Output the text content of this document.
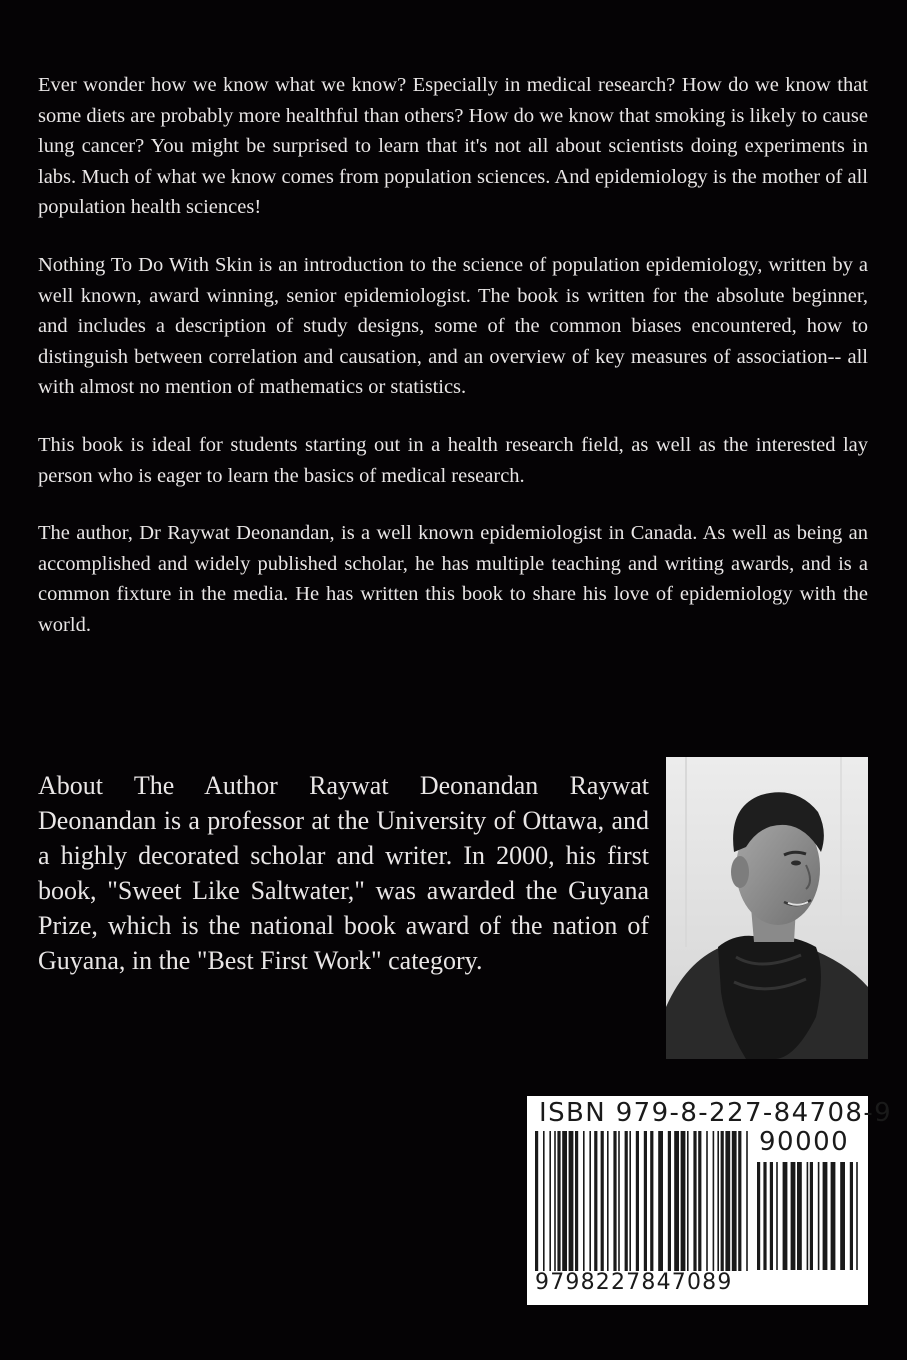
Ever wonder how we know what we know? Especially in medical research? How do we know that some diets are probably more healthful than others? How do we know that smoking is likely to cause lung cancer? You might be surprised to learn that it's not all about scientists doing experiments in labs. Much of what we know comes from population sciences. And epidemiology is the mother of all population health sciences!

Nothing To Do With Skin is an introduction to the science of population epidemiology, written by a well known, award winning, senior epidemiologist. The book is written for the absolute beginner, and includes a description of study designs, some of the common biases encountered, how to distinguish between correlation and causation, and an overview of key measures of association-- all with almost no mention of mathematics or statistics.

This book is ideal for students starting out in a health research field, as well as the interested lay person who is eager to learn the basics of medical research.

The author, Dr Raywat Deonandan, is a well known epidemiologist in Canada. As well as being an accomplished and widely published scholar, he has multiple teaching and writing awards, and is a common fixture in the media. He has written this book to share his love of epidemiology with the world.

About The Author Raywat Deonandan Raywat Deonandan is a professor at the University of Ottawa, and a highly decorated scholar and writer. In 2000, his first book, "Sweet Like Saltwater," was awarded the Guyana Prize, which is the national book award of the nation of Guyana, in the "Best First Work" category.

ISBN 979-8-227-84708-9
90000
9798227847089
